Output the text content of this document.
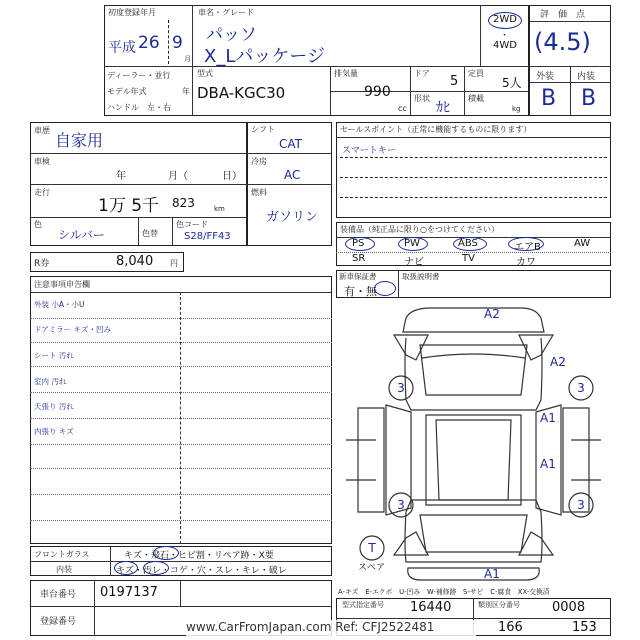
初度登録年月
平成 26 9
月
車名・グレード
パッソ
X_Lパッケージ
2WD
・
4WD
ディーラー・並行
モデル年式	年
ハンドル　左・右
型式
DBA-KGC30
排気量
990
cc
ドア
5
定員
5人
形状
ｶﾋ
積載
kg
評　価　点
(4.5)
外装	内装
B B
車歴
自家用
車検
年	月（	日）
走行
1万 5千 823	km
色
シルバー	色替
色コード
S28/FF43
シフト
CAT
冷房
AC
燃料
ガソリン
R券	8,040 円
セールスポイント（正常に機能するものに限ります）
スマートキー
装備品（純正品に限り○をつけてください）
PS	PW	ABS	エアB	AW
SR	ナビ	TV	カワ
新車保証書
有・無
取扱説明書
注意事項申告欄
外装 小A・小U
ドアミラー キズ・凹み
シート 汚れ
室内 汚れ
天張り 汚れ
内張り キズ
フロントガラス	キズ・飛石・ヒビ割・リペア跡・X要
内装	キズ・汚レ・コゲ・穴・スレ・キレ・破レ
車台番号 0197137
登録番号
A2
A2
A1
A1
A1
3	3
3	3
T
スペア
A-キズ　E-エクボ　U-凹み　W-補修跡　S-サビ　C-腐食　XX-交換済
型式指定番号 16440	類別区分番号 0008
166	153
www.CarFromJapan.com Ref: CFJ2522481
